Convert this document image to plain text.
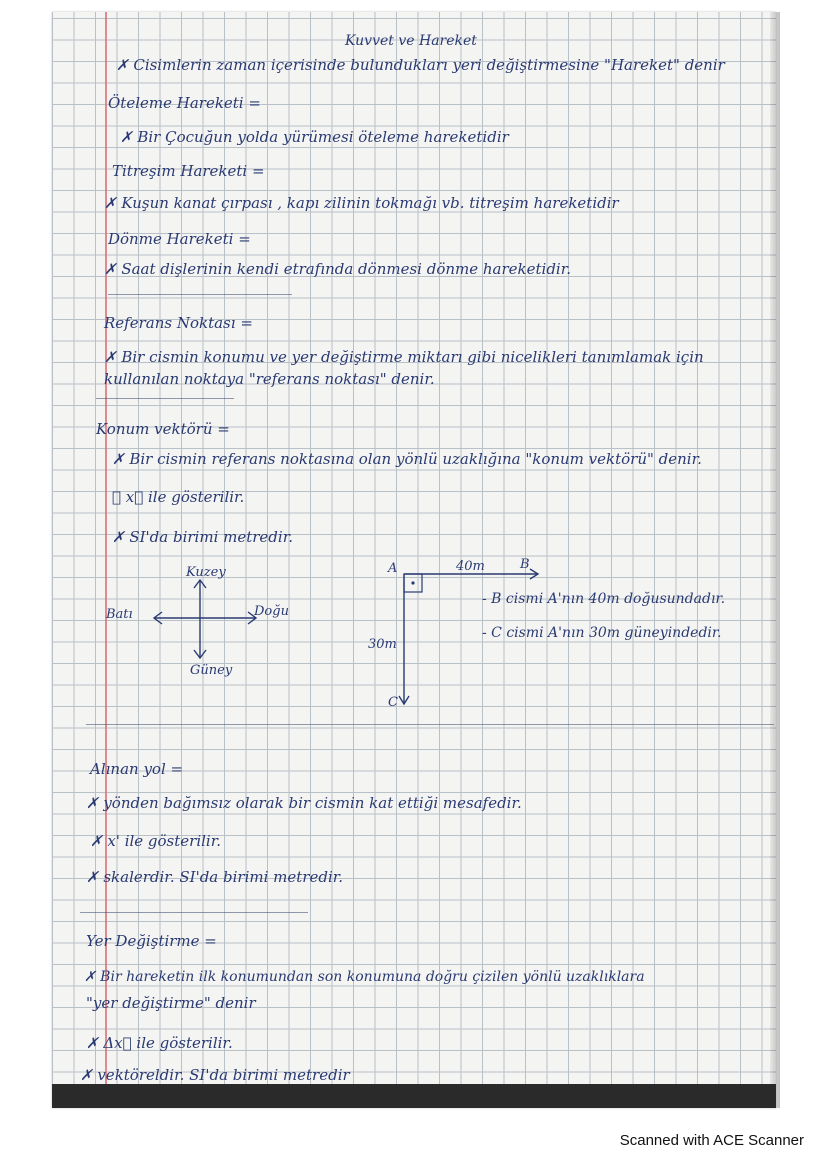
Kuvvet ve Hareket
✗ Cisimlerin zaman içerisinde bulundukları yeri değiştirmesine "Hareket" denir
Öteleme Hareketi =
✗ Bir Çocuğun yolda yürümesi öteleme hareketidir
Titreşim Hareketi =
✗ Kuşun kanat çırpası , kapı zilinin tokmağı vb. titreşim hareketidir
Dönme Hareketi =
✗ Saat dişlerinin kendi etrafında dönmesi dönme hareketidir.
Referans Noktası =
✗ Bir cismin konumu ve yer değiştirme miktarı gibi nicelikleri tanımlamak için
kullanılan noktaya "referans noktası" denir.
Konum vektörü =
✗ Bir cismin referans noktasına olan yönlü uzaklığına "konum vektörü" denir.
✗ x⃗ ile gösterilir.
✗ SI'da birimi metredir.
Kuzey
Güney
Doğu
Batı
A	B
C
40m
30m
- B cismi A'nın 40m doğusundadır.
- C cismi A'nın 30m güneyindedir.
Alınan yol =
✗ yönden bağımsız olarak bir cismin kat ettiği mesafedir.
✗ x' ile gösterilir.
✗ skalerdir. SI'da birimi metredir.
Yer Değiştirme =
✗ Bir hareketin ilk konumundan son konumuna doğru çizilen yönlü uzaklıklara
"yer değiştirme" denir
✗ Δx⃗ ile gösterilir.
✗ vektöreldir. SI'da birimi metredir
Scanned with ACE Scanner
